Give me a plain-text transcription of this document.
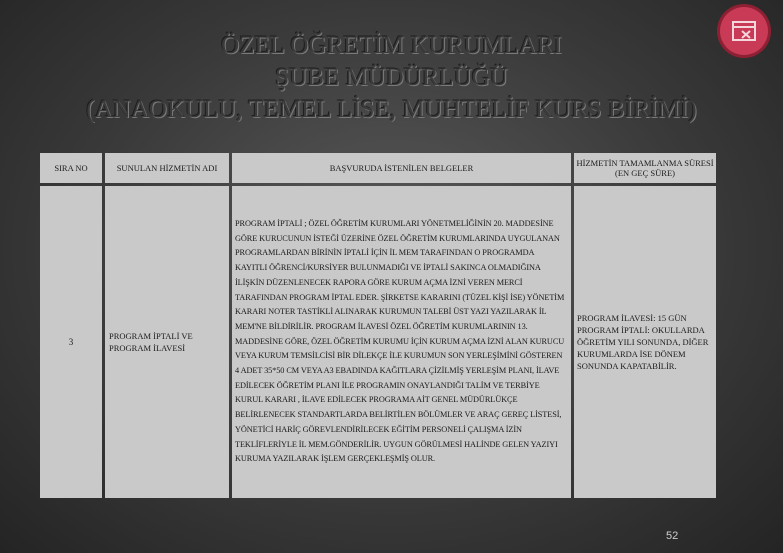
ÖZEL ÖĞRETİM KURUMLARI
ŞUBE MÜDÜRLÜĞÜ
(ANAOKULU, TEMEL LİSE, MUHTELİF KURS BİRİMİ)
SIRA NO	SUNULAN HİZMETİN ADI	BAŞVURUDA İSTENİLEN BELGELER	HİZMETİN TAMAMLANMA SÜRESİ (EN GEÇ SÜRE)
3	PROGRAM İPTALİ VE PROGRAM İLAVESİ	PROGRAM İPTALİ ; ÖZEL ÖĞRETİM KURUMLARI YÖNETMELİĞİNİN 20. MADDESİNE GÖRE KURUCUNUN İSTEĞİ ÜZERİNE ÖZEL ÖĞRETİM KURUMLARINDA UYGULANAN PROGRAMLARDAN BİRİNİN İPTALİ İÇİN İL MEM TARAFINDAN O PROGRAMDA KAYITLI ÖĞRENCİ/KURSİYER BULUNMADIĞI VE İPTALİ SAKINCA OLMADIĞINA İLİŞKİN DÜZENLENECEK RAPORA GÖRE KURUM AÇMA İZNİ VEREN MERCİ TARAFINDAN PROGRAM İPTAL EDER. ŞİRKETSE KARARINI (TÜZEL KİŞİ İSE) YÖNETİM KARARI NOTER TASTİKLİ ALINARAK KURUMUN TALEBİ ÜST YAZI YAZILARAK İL MEM'NE BİLDİRİLİR. PROGRAM İLAVESİ ÖZEL ÖĞRETİM KURUMLARININ 13. MADDESİNE GÖRE, ÖZEL ÖĞRETİM KURUMU İÇİN KURUM AÇMA İZNİ ALAN KURUCU VEYA KURUM TEMSİLCİSİ BİR DİLEKÇE İLE KURUMUN SON YERLEŞİMİNİ GÖSTEREN 4 ADET 35*50 CM VEYA A3 EBADINDA KAĞITLARA ÇİZİLMİŞ YERLEŞİM PLANI, İLAVE EDİLECEK ÖĞRETİM PLANI İLE PROGRAMIN ONAYLANDIĞI TALİM VE TERBİYE KURUL KARARI , İLAVE EDİLECEK PROGRAMA AİT GENEL MÜDÜRLÜKÇE BELİRLENECEK STANDARTLARDA BELİRTİLEN BÖLÜMLER VE ARAÇ GEREÇ LİSTESİ, YÖNETİCİ HARİÇ GÖREVLENDİRİLECEK EĞİTİM PERSONELİ ÇALIŞMA İZİN TEKLİFLERİYLE İL MEM.GÖNDERİLİR. UYGUN GÖRÜLMESİ HALİNDE GELEN YAZIYI KURUMA YAZILARAK İŞLEM GERÇEKLEŞMİŞ OLUR.	PROGRAM İLAVESİ: 15 GÜN PROGRAM İPTALİ: OKULLARDA ÖĞRETİM YILI SONUNDA, DİĞER KURUMLARDA İSE DÖNEM SONUNDA KAPATABİLİR.
52
